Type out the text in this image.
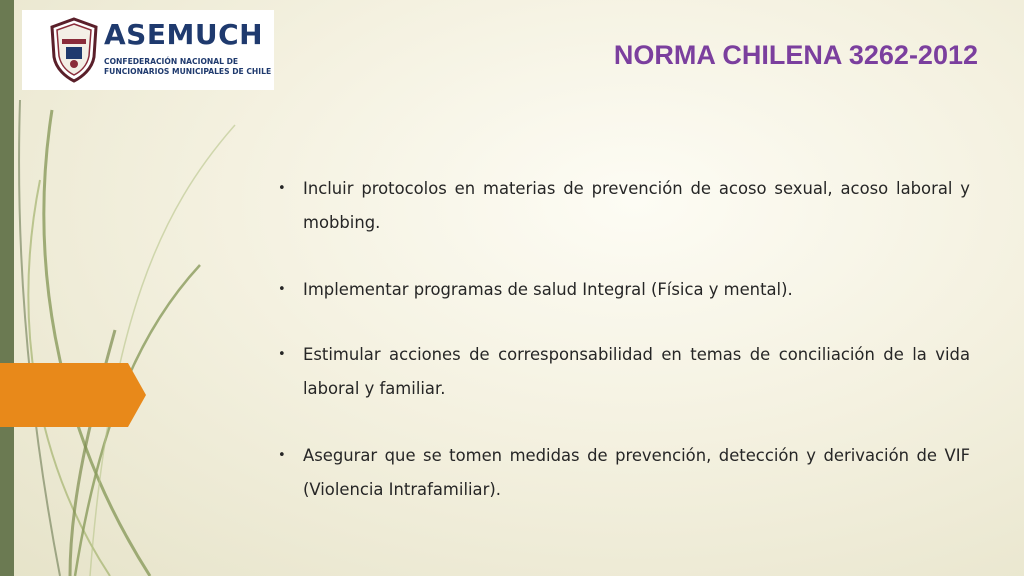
ASEMUCH
CONFEDERACIÓN NACIONAL DE
FUNCIONARIOS MUNICIPALES DE CHILE
NORMA CHILENA 3262-2012
• Incluir protocolos en materias de prevención de acoso sexual, acoso laboral y mobbing.
• Implementar programas de salud Integral (Física y mental).
• Estimular acciones de corresponsabilidad en temas de conciliación de la vida laboral y familiar.
• Asegurar que se tomen medidas de prevención, detección y derivación de VIF (Violencia Intrafamiliar).
